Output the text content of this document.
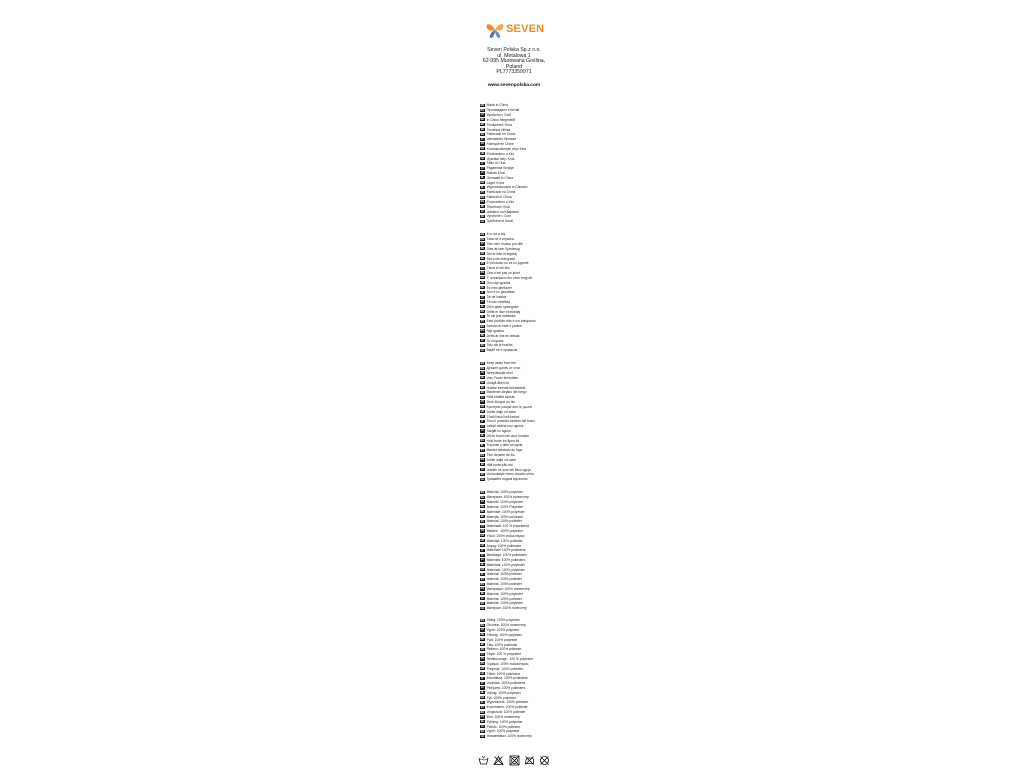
SEVEN
Seven Polska Sp.z o.o.
ul. Metalowa 1
62-095 Murowana Goślina,
Poland
PL7773359971
www.sevenpolska.com
EN Made in China
BG Произведено в Китай
CZ Vyrobeno v Číně
DE In China hergestellt
DK Produceret i Kina
EE Toodetud Hiinas
ES Fabricado en China
FI Valmistettu Kiinassa
FR Fabriqué en Chine
GR Κατασκευάστηκε στην Κίνα
HR Proizvedeno u Kini
HU Gyártási hely: Kína
IT Fatto in Cina
LT Pagaminta Kinijoje
LV Ražots Ķīnā
NL Gemaakt in China
NO Laget i Kina
PL Wyprodukowano w Chinach
PT Fabricado na China
RO Fabricat în China
RS Proizvedeno u Kini
SE Tillverkad i Kina
SI Izdelano na Kitajskem
SK Vyrobené v Číne
UA Зроблено в Китаї
EN It is not a toy
BG Това не е играчка
CZ Toto není hračka pro děti
DE Dies ist kein Spielzeug
DK Det er ikke et legetøj
EE See pole mänguasi
ES El producto no es un juguete
FI Tämä ei ole lelu
FR Ceci n'est pas un jouet
GR Τ' αντικείμενο δεν είναι παιχνίδι
HR Ovo nije igračka
HU Ez nem játékszer
IT Non è un giocattolo
LT Tai ne žaislas
LV Tā nav rotaļlieta
NL Dit is geen speelgoed
NO Dette er ikke et leketøy
PL To nie jest zabawka
PT Este produto não é um brinquedo
RO Acesta nu este o jucărie
RS Nije igračka
SE Detta är inte en leksak
SI To ni igrača
SK Toto nie je hračka
UA Виріб не є іграшкою
EN Keep away from fire
BG Дръжте далеч от огън
CZ Nevystavujte ohni
DE Vom Feuer fernhalten
DK Undgå åben ild
EE Hoidke eemale tulekahtest
ES Mantener alejado del fuego
FI Pidä etäällä tulesta
FR Tenir éloigné du feu
GR Κρατήστε μακριά από τη φωτιά
HR Držite dalje od vatre
HU Tűztől távol kell tartani
IT Tieni il prodotto lontano dal fuoco
LT Laikyti atokiai nuo ugnies
LV Sargāt no uguns
NL Uit de buurt van vuur houden
NO Hold borte fra åpen ild
PL Trzymać z dala od ognia
PT Manter afastado do fogo
RO Ține departe de foc
RS Držite dalje od vatre
SE Håll borta från eld
SI Izdelek ne sme biti blizu ognja
SK Uchovávajte mimo dosahu ohňa
UA Тримайте подалі від вогню
EN Material: 100% polyester
BG Материал: 100% полиестер
CZ Materiál: 100% polyester
DE Material: 100% Polyester
DK Materiale: 100% polyester
EE Materjal: 100% polüester
ES Material: 100% poliéster
FI Materiaali: 100 % polyesteriä
FR Matière : 100% polyester
GR Υλικό: 100% πολυεστέρας
HR Materijal: 100% poliester
HU Anyag: 100% poliészter
IT Materiale: 100% poliestere
LT Medžiaga: 100% poliesteris
LV Materiāls: 100% poliesters
NL Materiaal: 100% polyester
NO Materiale: 100% polyester
PL Materiał: 100% poliester
PT Material: 100% poliéster
RO Material: 100% poliester
RS Материјал: 100% полиестер
SE Material: 100% polyester
SI Material: 100% poliester
SK Materiál: 100% polyester
UA Матеріал: 100% поліестер
EN Filling: 100% polyester
BG Пълнеж: 100% полиестер
CZ Výplň: 100% polyester
DE Füllung: 100% polyester
DK Fyld: 100% polyester
EE Täis: 100% polüester
ES Relleno: 100% poliéster
FI Täyte: 100 % polyesteri
FR Rembourrage : 100 % polyester
GR Γέμισμα: 100% πολυεστέρας
HR Punjenje: 100% poliester
HU Töltet: 100% poliészter
IT Imbottitura: 100% poliestere
LT Užpildas: 100% poliesteris
LV Pildījums: 100% poliesters
NL Vulling: 100% polyester
NO Fyll: 100% polyester
PL Wypełnienie: 100% poliester
PT Enchimento: 100% poliéster
RO Umplutură: 100% poliester
RS Фил: 100% полиестер
SE Fyllning: 100% polyester
SI Polnilo: 100% poliester
SK Výplň: 100% polyester
UA Наповнювач: 100% поліестер
